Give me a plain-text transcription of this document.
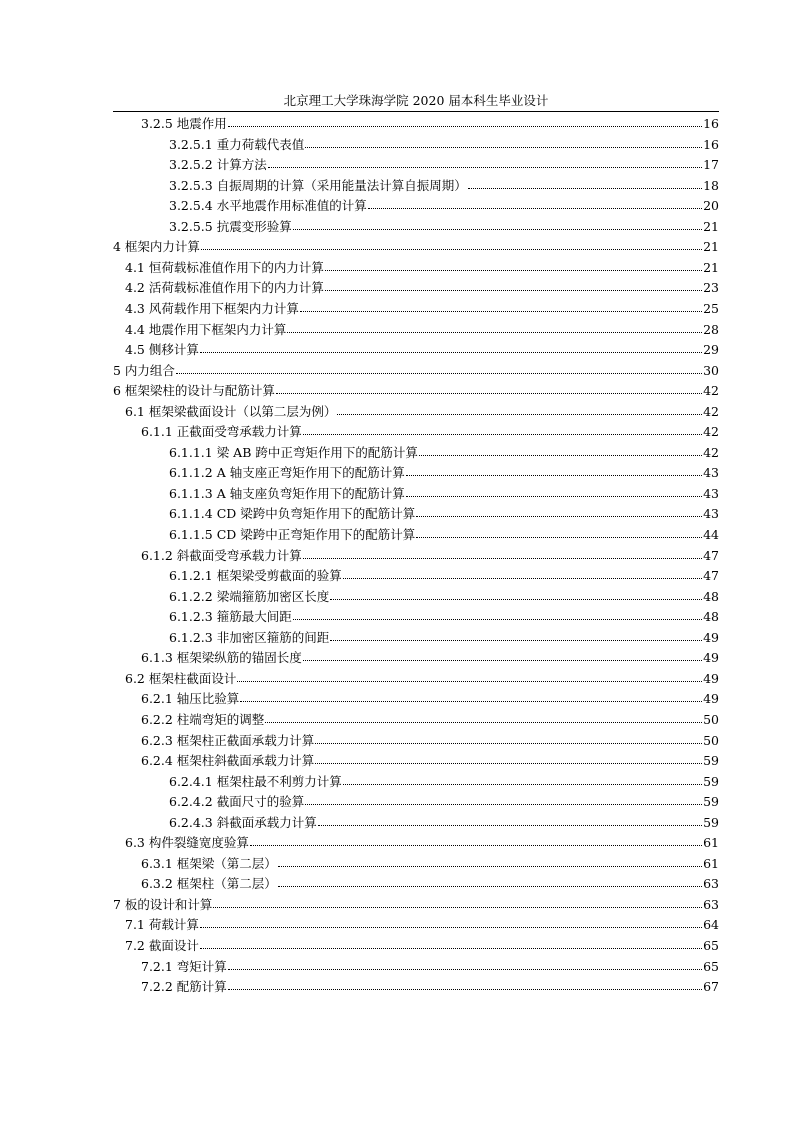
北京理工大学珠海学院 2020 届本科生毕业设计
3.2.5 地震作用	16
3.2.5.1 重力荷载代表值	16
3.2.5.2 计算方法	17
3.2.5.3 自振周期的计算（采用能量法计算自振周期）	18
3.2.5.4 水平地震作用标准值的计算	20
3.2.5.5 抗震变形验算	21
4 框架内力计算	21
4.1 恒荷载标准值作用下的内力计算	21
4.2 活荷载标准值作用下的内力计算	23
4.3 风荷载作用下框架内力计算	25
4.4 地震作用下框架内力计算	28
4.5 侧移计算	29
5 内力组合	30
6 框架梁柱的设计与配筋计算	42
6.1 框架梁截面设计（以第二层为例）	42
6.1.1 正截面受弯承载力计算	42
6.1.1.1 梁 AB 跨中正弯矩作用下的配筋计算	42
6.1.1.2 A 轴支座正弯矩作用下的配筋计算	43
6.1.1.3 A 轴支座负弯矩作用下的配筋计算	43
6.1.1.4 CD 梁跨中负弯矩作用下的配筋计算	43
6.1.1.5 CD 梁跨中正弯矩作用下的配筋计算	44
6.1.2 斜截面受弯承载力计算	47
6.1.2.1 框架梁受剪截面的验算	47
6.1.2.2 梁端箍筋加密区长度	48
6.1.2.3 箍筋最大间距	48
6.1.2.3 非加密区箍筋的间距	49
6.1.3 框架梁纵筋的锚固长度	49
6.2 框架柱截面设计	49
6.2.1 轴压比验算	49
6.2.2 柱端弯矩的调整	50
6.2.3 框架柱正截面承载力计算	50
6.2.4 框架柱斜截面承载力计算	59
6.2.4.1 框架柱最不利剪力计算	59
6.2.4.2 截面尺寸的验算	59
6.2.4.3 斜截面承载力计算	59
6.3 构件裂缝宽度验算	61
6.3.1 框架梁（第二层）	61
6.3.2 框架柱（第二层）	63
7 板的设计和计算	63
7.1 荷载计算	64
7.2 截面设计	65
7.2.1 弯矩计算	65
7.2.2 配筋计算	67
